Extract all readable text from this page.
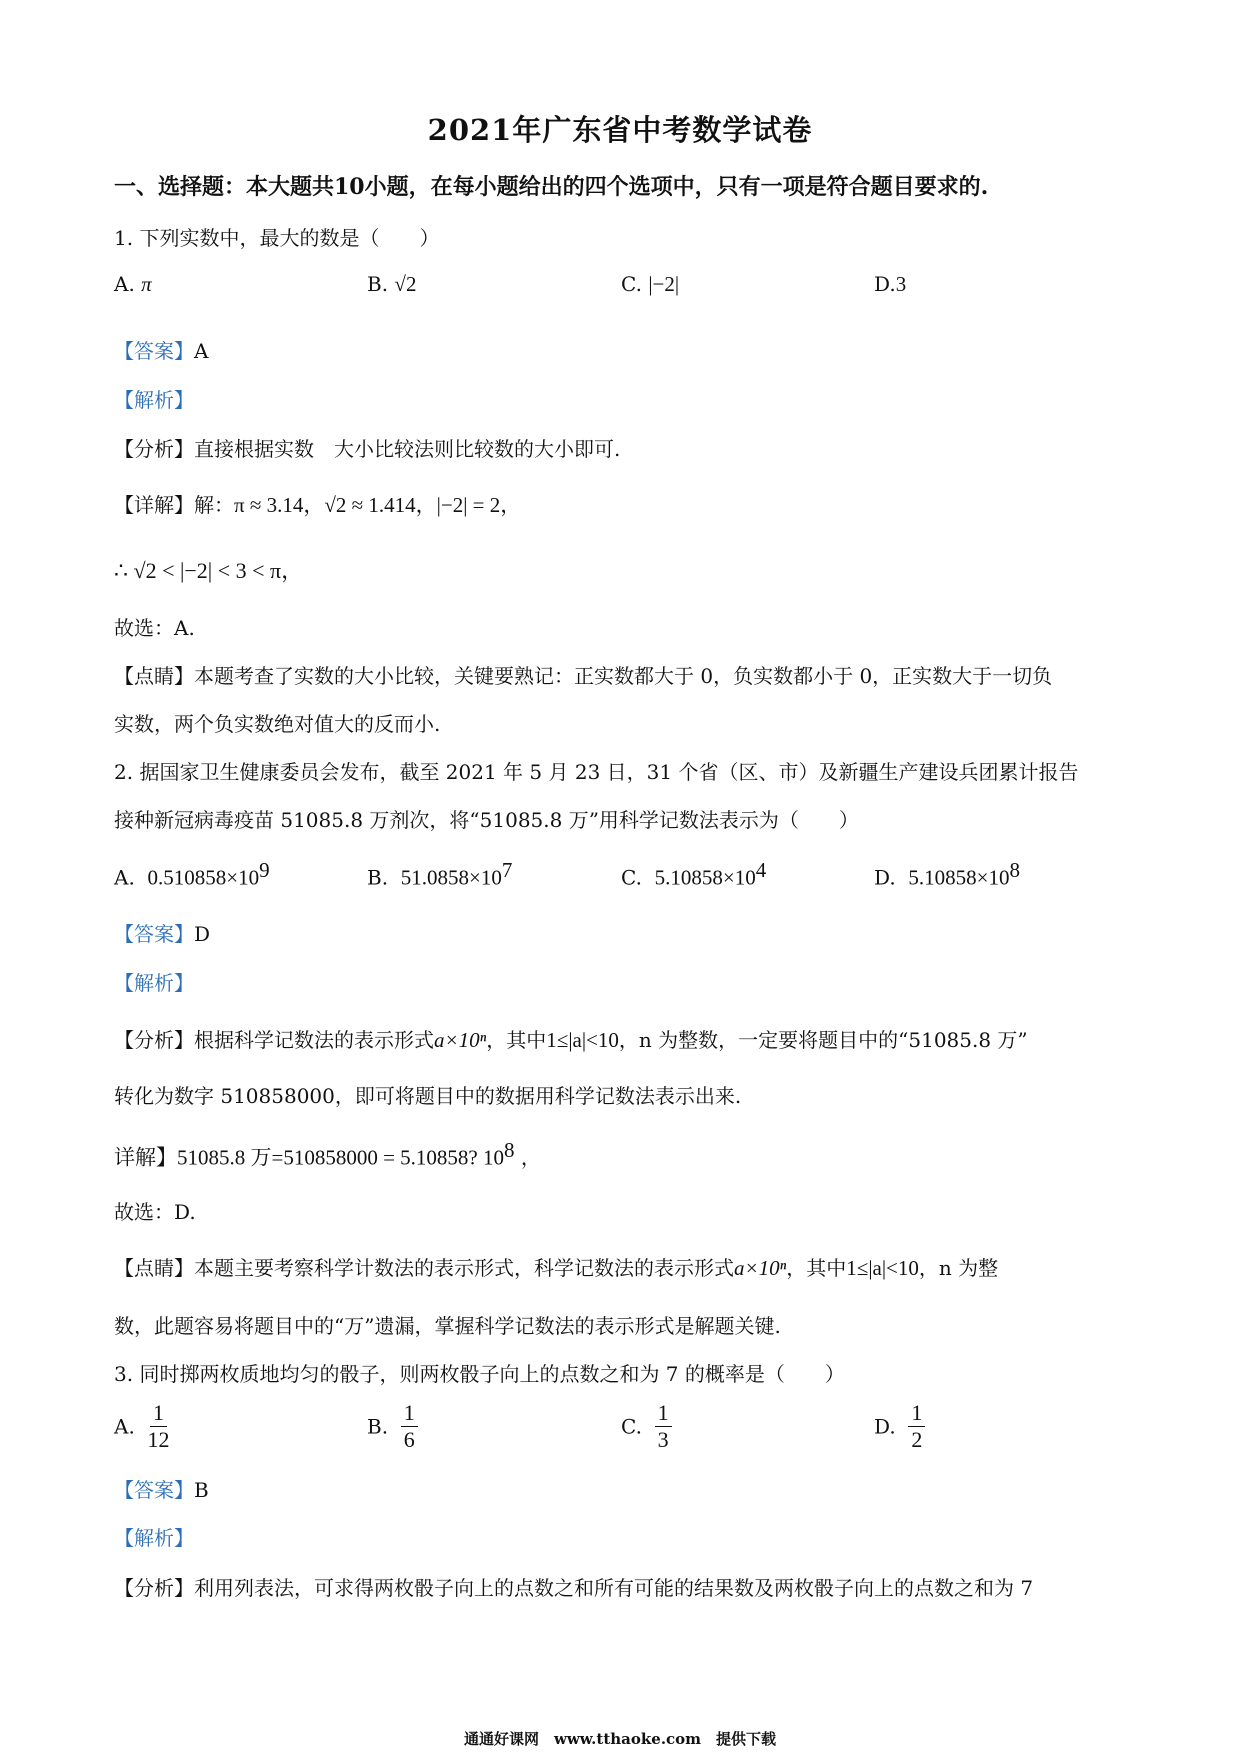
2021年广东省中考数学试卷
一、选择题：本大题共10小题，在每小题给出的四个选项中，只有一项是符合题目要求的.
1. 下列实数中，最大的数是（　　）
A. π	B. √2	C. |−2|	D.3
【答案】A
【解析】
【分析】直接根据实数　大小比较法则比较数的大小即可.
【详解】解：π ≈ 3.14，√2 ≈ 1.414，|−2| = 2，
∴ √2 < |−2| < 3 < π，
故选：A.
【点睛】本题考查了实数的大小比较，关键要熟记：正实数都大于 0，负实数都小于 0，正实数大于一切负
实数，两个负实数绝对值大的反而小.
2. 据国家卫生健康委员会发布，截至 2021 年 5 月 23 日，31 个省（区、市）及新疆生产建设兵团累计报告
接种新冠病毒疫苗 51085.8 万剂次，将“51085.8 万”用科学记数法表示为（　　）
A. $0.510858\times 10^9$	B. $51.0858\times 10^7$	C. $5.10858\times 10^4$	D. $5.10858\times 10^8$
【答案】D
【解析】
【分析】根据科学记数法的表示形式a×10ⁿ，其中1≤|a|<10，n 为整数，一定要将题目中的“51085.8 万”
转化为数字 510858000，即可将题目中的数据用科学记数法表示出来.
详解】51085.8 万=510858000 = 5.10858? $10^8$ ，
故选：D.
【点睛】本题主要考察科学计数法的表示形式，科学记数法的表示形式a×10ⁿ，其中1≤|a|<10，n 为整
数，此题容易将题目中的“万”遗漏，掌握科学记数法的表示形式是解题关键.
3. 同时掷两枚质地均匀的骰子，则两枚骰子向上的点数之和为 7 的概率是（　　）
A. $\frac{1}{12}$	B. $\frac{1}{6}$	C. $\frac{1}{3}$	D. $\frac{1}{2}$
【答案】B
【解析】
【分析】利用列表法，可求得两枚骰子向上的点数之和所有可能的结果数及两枚骰子向上的点数之和为 7
通通好课网　www.tthaoke.com　提供下载
